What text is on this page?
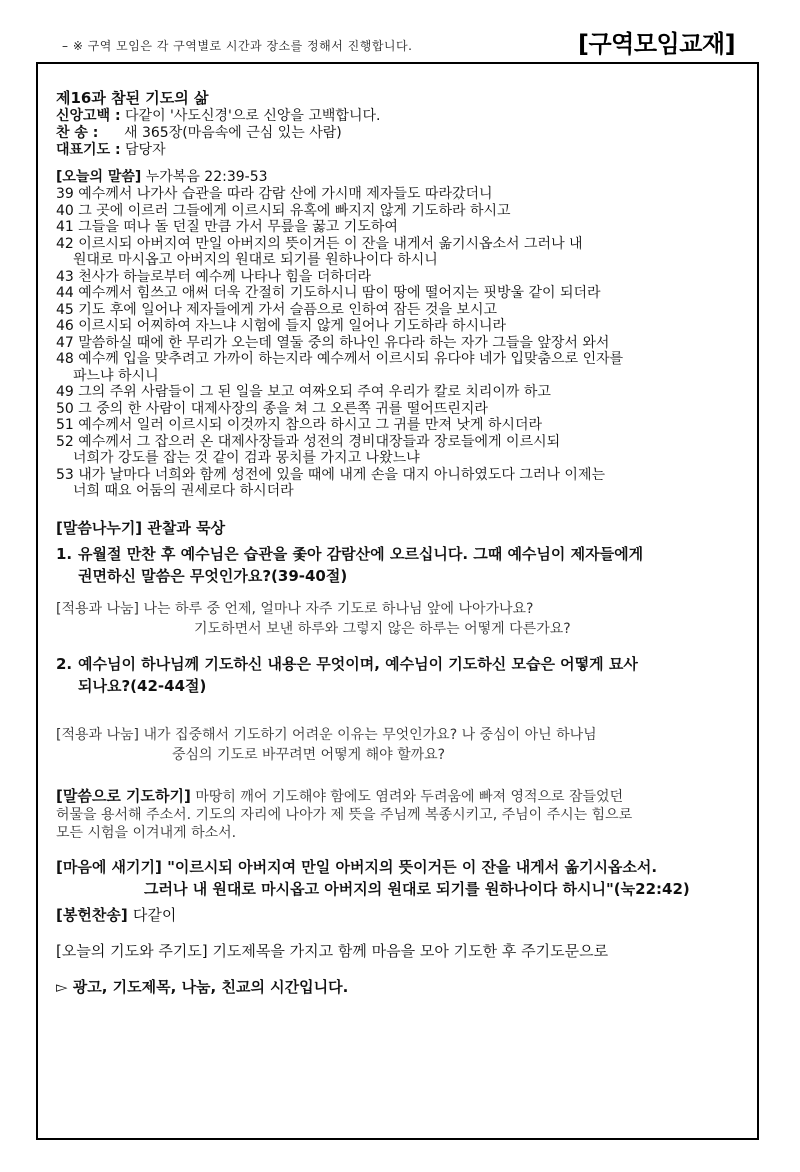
– ※ 구역 모임은 각 구역별로 시간과 장소를 정해서 진행합니다.	[구역모임교재]
제16과 참된 기도의 삶
신앙고백 : 다같이 '사도신경'으로 신앙을 고백합니다.
찬 송 : 새 365장(마음속에 근심 있는 사람)
대표기도 : 담당자
[오늘의 말씀] 누가복음 22:39-53
39 예수께서 나가사 습관을 따라 감람 산에 가시매 제자들도 따라갔더니
40 그 곳에 이르러 그들에게 이르시되 유혹에 빠지지 않게 기도하라 하시고
41 그들을 떠나 돌 던질 만큼 가서 무릎을 꿇고 기도하여
42 이르시되 아버지여 만일 아버지의 뜻이거든 이 잔을 내게서 옮기시옵소서 그러나 내
원대로 마시옵고 아버지의 원대로 되기를 원하나이다 하시니
43 천사가 하늘로부터 예수께 나타나 힘을 더하더라
44 예수께서 힘쓰고 애써 더욱 간절히 기도하시니 땀이 땅에 떨어지는 핏방울 같이 되더라
45 기도 후에 일어나 제자들에게 가서 슬픔으로 인하여 잠든 것을 보시고
46 이르시되 어찌하여 자느냐 시험에 들지 않게 일어나 기도하라 하시니라
47 말씀하실 때에 한 무리가 오는데 열둘 중의 하나인 유다라 하는 자가 그들을 앞장서 와서
48 예수께 입을 맞추려고 가까이 하는지라 예수께서 이르시되 유다야 네가 입맞춤으로 인자를
파느냐 하시니
49 그의 주위 사람들이 그 된 일을 보고 여짜오되 주여 우리가 칼로 치리이까 하고
50 그 중의 한 사람이 대제사장의 종을 쳐 그 오른쪽 귀를 떨어뜨린지라
51 예수께서 일러 이르시되 이것까지 참으라 하시고 그 귀를 만져 낫게 하시더라
52 예수께서 그 잡으러 온 대제사장들과 성전의 경비대장들과 장로들에게 이르시되
너희가 강도를 잡는 것 같이 검과 몽치를 가지고 나왔느냐
53 내가 날마다 너희와 함께 성전에 있을 때에 내게 손을 대지 아니하였도다 그러나 이제는
너희 때요 어둠의 권세로다 하시더라
[말씀나누기] 관찰과 묵상
1. 유월절 만찬 후 예수님은 습관을 좇아 감람산에 오르십니다. 그때 예수님이 제자들에게
권면하신 말씀은 무엇인가요?(39-40절)
[적용과 나눔] 나는 하루 중 언제, 얼마나 자주 기도로 하나님 앞에 나아가나요?
기도하면서 보낸 하루와 그렇지 않은 하루는 어떻게 다른가요?
2. 예수님이 하나님께 기도하신 내용은 무엇이며, 예수님이 기도하신 모습은 어떻게 묘사
되나요?(42-44절)
[적용과 나눔] 내가 집중해서 기도하기 어려운 이유는 무엇인가요? 나 중심이 아닌 하나님
중심의 기도로 바꾸려면 어떻게 해야 할까요?
[말씀으로 기도하기] 마땅히 깨어 기도해야 함에도 염려와 두려움에 빠져 영적으로 잠들었던
허물을 용서해 주소서. 기도의 자리에 나아가 제 뜻을 주님께 복종시키고, 주님이 주시는 힘으로
모든 시험을 이겨내게 하소서.
[마음에 새기기] "이르시되 아버지여 만일 아버지의 뜻이거든 이 잔을 내게서 옮기시옵소서.
그러나 내 원대로 마시옵고 아버지의 원대로 되기를 원하나이다 하시니"(눅22:42)
[봉헌찬송] 다같이
[오늘의 기도와 주기도] 기도제목을 가지고 함께 마음을 모아 기도한 후 주기도문으로
▻ 광고, 기도제목, 나눔, 친교의 시간입니다.
